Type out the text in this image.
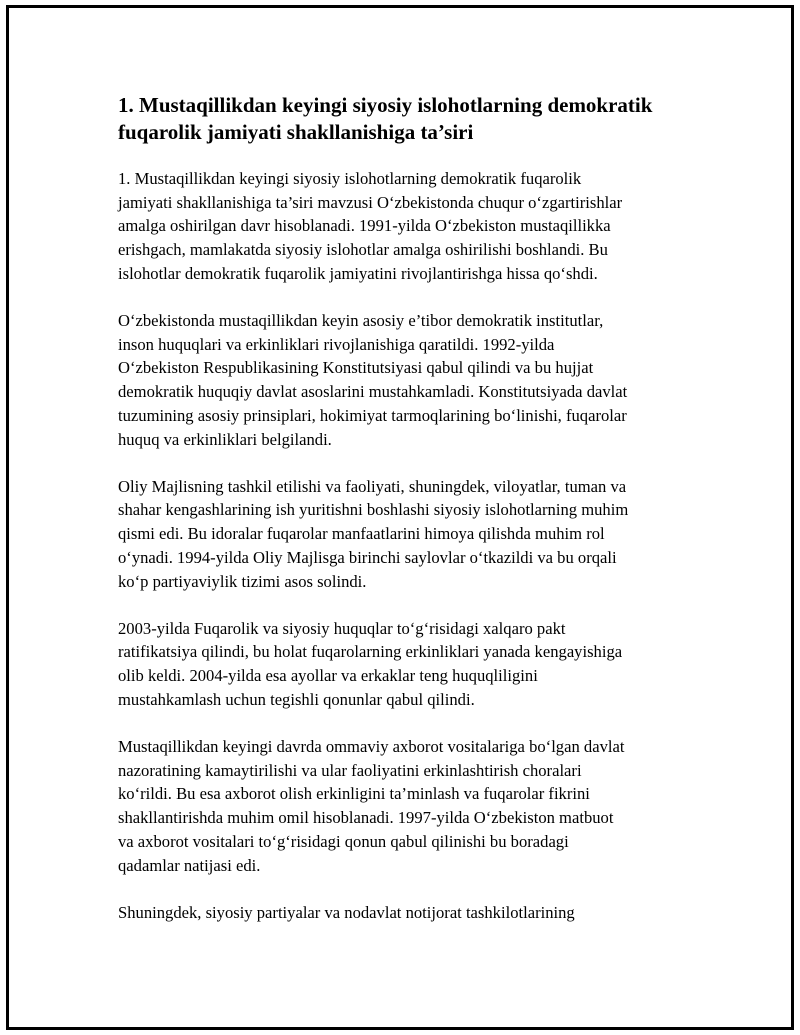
1. Mustaqillikdan keyingi siyosiy islohotlarning demokratik
fuqarolik jamiyati shakllanishiga ta’siri

1. Mustaqillikdan keyingi siyosiy islohotlarning demokratik fuqarolik
jamiyati shakllanishiga ta’siri mavzusi O‘zbekistonda chuqur o‘zgartirishlar
amalga oshirilgan davr hisoblanadi. 1991-yilda O‘zbekiston mustaqillikka
erishgach, mamlakatda siyosiy islohotlar amalga oshirilishi boshlandi. Bu
islohotlar demokratik fuqarolik jamiyatini rivojlantirishga hissa qo‘shdi.

O‘zbekistonda mustaqillikdan keyin asosiy e’tibor demokratik institutlar,
inson huquqlari va erkinliklari rivojlanishiga qaratildi. 1992-yilda
O‘zbekiston Respublikasining Konstitutsiyasi qabul qilindi va bu hujjat
demokratik huquqiy davlat asoslarini mustahkamladi. Konstitutsiyada davlat
tuzumining asosiy prinsiplari, hokimiyat tarmoqlarining bo‘linishi, fuqarolar
huquq va erkinliklari belgilandi.

Oliy Majlisning tashkil etilishi va faoliyati, shuningdek, viloyatlar, tuman va
shahar kengashlarining ish yuritishni boshlashi siyosiy islohotlarning muhim
qismi edi. Bu idoralar fuqarolar manfaatlarini himoya qilishda muhim rol
o‘ynadi. 1994-yilda Oliy Majlisga birinchi saylovlar o‘tkazildi va bu orqali
ko‘p partiyaviylik tizimi asos solindi.

2003-yilda Fuqarolik va siyosiy huquqlar to‘g‘risidagi xalqaro pakt
ratifikatsiya qilindi, bu holat fuqarolarning erkinliklari yanada kengayishiga
olib keldi. 2004-yilda esa ayollar va erkaklar teng huquqliligini
mustahkamlash uchun tegishli qonunlar qabul qilindi.

Mustaqillikdan keyingi davrda ommaviy axborot vositalariga bo‘lgan davlat
nazoratining kamaytirilishi va ular faoliyatini erkinlashtirish choralari
ko‘rildi. Bu esa axborot olish erkinligini ta’minlash va fuqarolar fikrini
shakllantirishda muhim omil hisoblanadi. 1997-yilda O‘zbekiston matbuot
va axborot vositalari to‘g‘risidagi qonun qabul qilinishi bu boradagi
qadamlar natijasi edi.

Shuningdek, siyosiy partiyalar va nodavlat notijorat tashkilotlarining
